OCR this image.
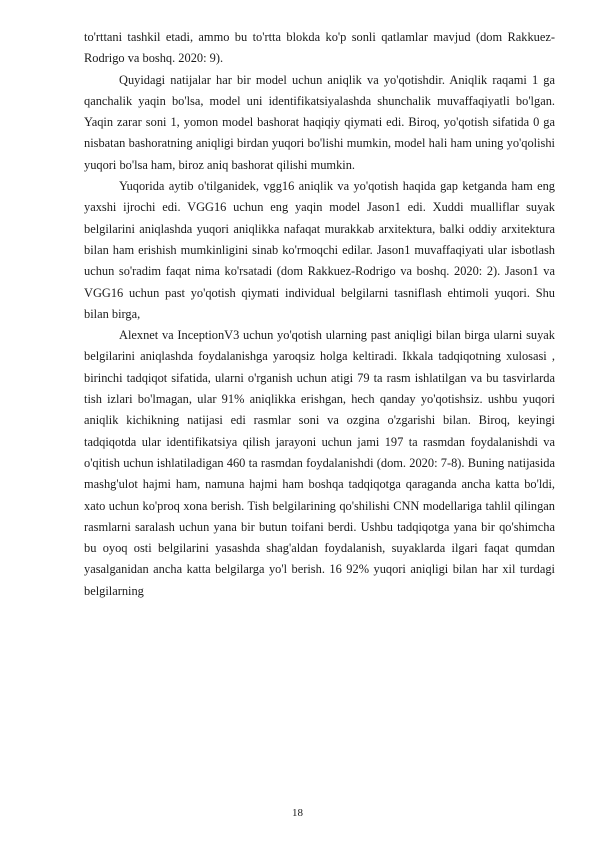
to'rttani tashkil etadi, ammo bu to'rtta blokda ko'p sonli qatlamlar mavjud (dom Rakkuez-Rodrigo va boshq. 2020: 9).

Quyidagi natijalar har bir model uchun aniqlik va yo'qotishdir. Aniqlik raqami 1 ga qanchalik yaqin bo'lsa, model uni identifikatsiyalashda shunchalik muvaffaqiyatli bo'lgan. Yaqin zarar soni 1, yomon model bashorat haqiqiy qiymati edi. Biroq, yo'qotish sifatida 0 ga nisbatan bashoratning aniqligi birdan yuqori bo'lishi mumkin, model hali ham uning yo'qolishi yuqori bo'lsa ham, biroz aniq bashorat qilishi mumkin.

Yuqorida aytib o'tilganidek, vgg16 aniqlik va yo'qotish haqida gap ketganda ham eng yaxshi ijrochi edi. VGG16 uchun eng yaqin model Jason1 edi. Xuddi mualliflar suyak belgilarini aniqlashda yuqori aniqlikka nafaqat murakkab arxitektura, balki oddiy arxitektura bilan ham erishish mumkinligini sinab ko'rmoqchi edilar. Jason1 muvaffaqiyati ular isbotlash uchun so'radim faqat nima ko'rsatadi (dom Rakkuez-Rodrigo va boshq. 2020: 2). Jason1 va VGG16 uchun past yo'qotish qiymati individual belgilarni tasniflash ehtimoli yuqori. Shu bilan birga,

Alexnet va InceptionV3 uchun yo'qotish ularning past aniqligi bilan birga ularni suyak belgilarini aniqlashda foydalanishga yaroqsiz holga keltiradi. Ikkala tadqiqotning xulosasi , birinchi tadqiqot sifatida, ularni o'rganish uchun atigi 79 ta rasm ishlatilgan va bu tasvirlarda tish izlari bo'lmagan, ular 91% aniqlikka erishgan, hech qanday yo'qotishsiz. ushbu yuqori aniqlik kichikning natijasi edi rasmlar soni va ozgina o'zgarishi bilan. Biroq, keyingi tadqiqotda ular identifikatsiya qilish jarayoni uchun jami 197 ta rasmdan foydalanishdi va o'qitish uchun ishlatiladigan 460 ta rasmdan foydalanishdi (dom. 2020: 7-8). Buning natijasida mashg'ulot hajmi ham, namuna hajmi ham boshqa tadqiqotga qaraganda ancha katta bo'ldi, xato uchun ko'proq xona berish. Tish belgilarining qo'shilishi CNN modellariga tahlil qilingan rasmlarni saralash uchun yana bir butun toifani berdi. Ushbu tadqiqotga yana bir qo'shimcha bu oyoq osti belgilarini yasashda shag'aldan foydalanish, suyaklarda ilgari faqat qumdan yasalganidan ancha katta belgilarga yo'l berish. 16 92% yuqori aniqligi bilan har xil turdagi belgilarning

18
